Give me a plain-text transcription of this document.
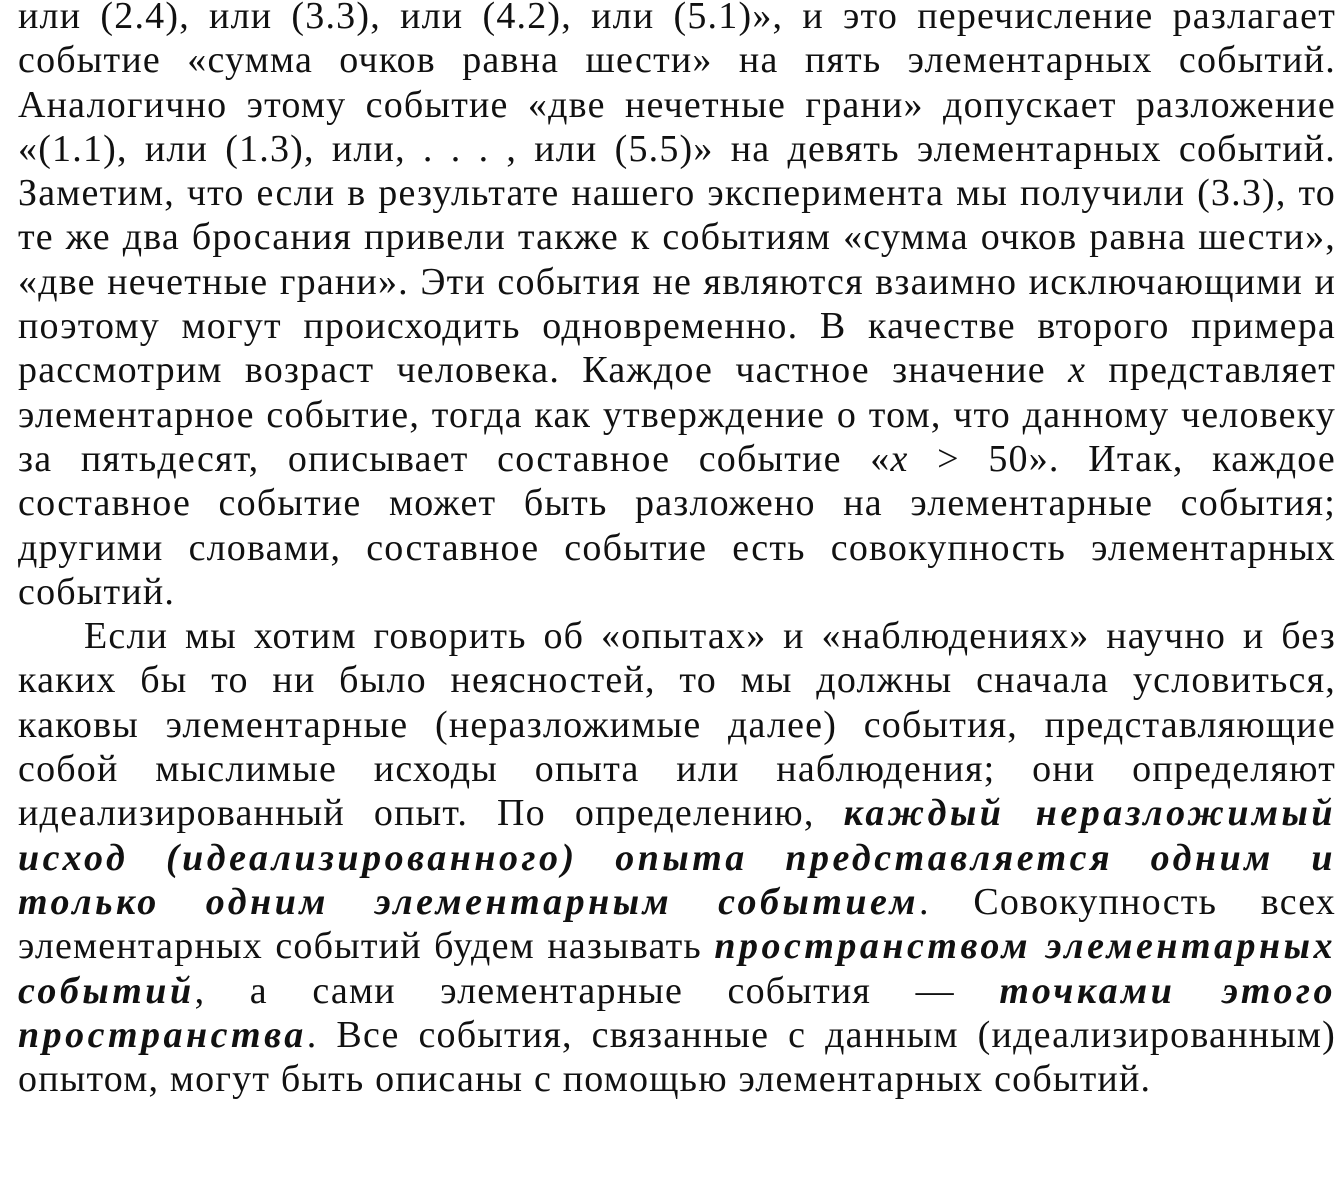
или (2.4), или (3.3), или (4.2), или (5.1)», и это перечисление разлагает событие «сумма очков равна шести» на пять элементарных событий. Аналогично этому событие «две нечетные грани» допускает разложение «(1.1), или (1.3), или, . . . , или (5.5)» на девять элементарных событий. Заметим, что если в результате нашего эксперимента мы получили (3.3), то те же два бросания привели также к событиям «сумма очков равна шести», «две нечетные грани». Эти события не являются взаимно исключающими и поэтому могут происходить одновременно. В качестве второго примера рассмотрим возраст человека. Каждое частное значение x представляет элементарное событие, тогда как утверждение о том, что данному человеку за пятьдесят, описывает составное событие «x > 50». Итак, каждое составное событие может быть разложено на элементарные события; другими словами, составное событие есть совокупность элементарных событий.

Если мы хотим говорить об «опытах» и «наблюдениях» научно и без каких бы то ни было неясностей, то мы должны сначала условиться, каковы элементарные (неразложимые далее) события, представляющие собой мыслимые исходы опыта или наблюдения; они определяют идеализированный опыт. По определению, каждый неразложимый исход (идеализированного) опыта представляется одним и только одним элементарным событием. Совокупность всех элементарных событий будем называть пространством элементарных событий, а сами элементарные события — точками этого пространства. Все события, связанные с данным (идеализированным) опытом, могут быть описаны с помощью элементарных событий.
